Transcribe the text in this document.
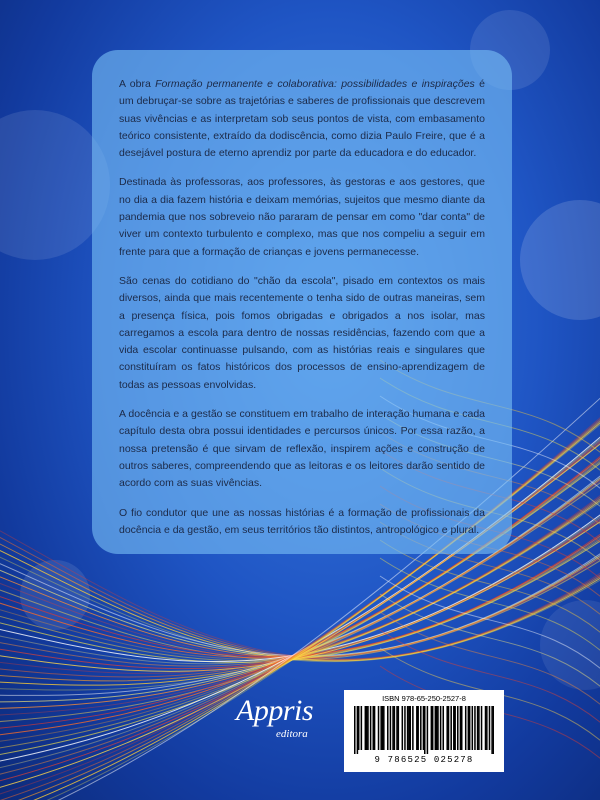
A obra Formação permanente e colaborativa: possibilidades e inspirações é um debruçar-se sobre as trajetórias e saberes de profissionais que descrevem suas vivências e as interpretam sob seus pontos de vista, com embasamento teórico consistente, extraído da dodiscência, como dizia Paulo Freire, que é a desejável postura de eterno aprendiz por parte da educadora e do educador.

Destinada às professoras, aos professores, às gestoras e aos gestores, que no dia a dia fazem história e deixam memórias, sujeitos que mesmo diante da pandemia que nos sobreveio não pararam de pensar em como "dar conta" de viver um contexto turbulento e complexo, mas que nos compeliu a seguir em frente para que a formação de crianças e jovens permanecesse.

São cenas do cotidiano do "chão da escola", pisado em contextos os mais diversos, ainda que mais recentemente o tenha sido de outras maneiras, sem a presença física, pois fomos obrigadas e obrigados a nos isolar, mas carregamos a escola para dentro de nossas residências, fazendo com que a vida escolar continuasse pulsando, com as histórias reais e singulares que constituíram os fatos históricos dos processos de ensino-aprendizagem de todas as pessoas envolvidas.

A docência e a gestão se constituem em trabalho de interação humana e cada capítulo desta obra possui identidades e percursos únicos. Por essa razão, a nossa pretensão é que sirvam de reflexão, inspirem ações e construção de outros saberes, compreendendo que as leitoras e os leitores darão sentido de acordo com as suas vivências.

O fio condutor que une as nossas histórias é a formação de profissionais da docência e da gestão, em seus territórios tão distintos, antropológico e plural.

Appris
editora
ISBN 978-65-250-2527-8
9 786525 025278
